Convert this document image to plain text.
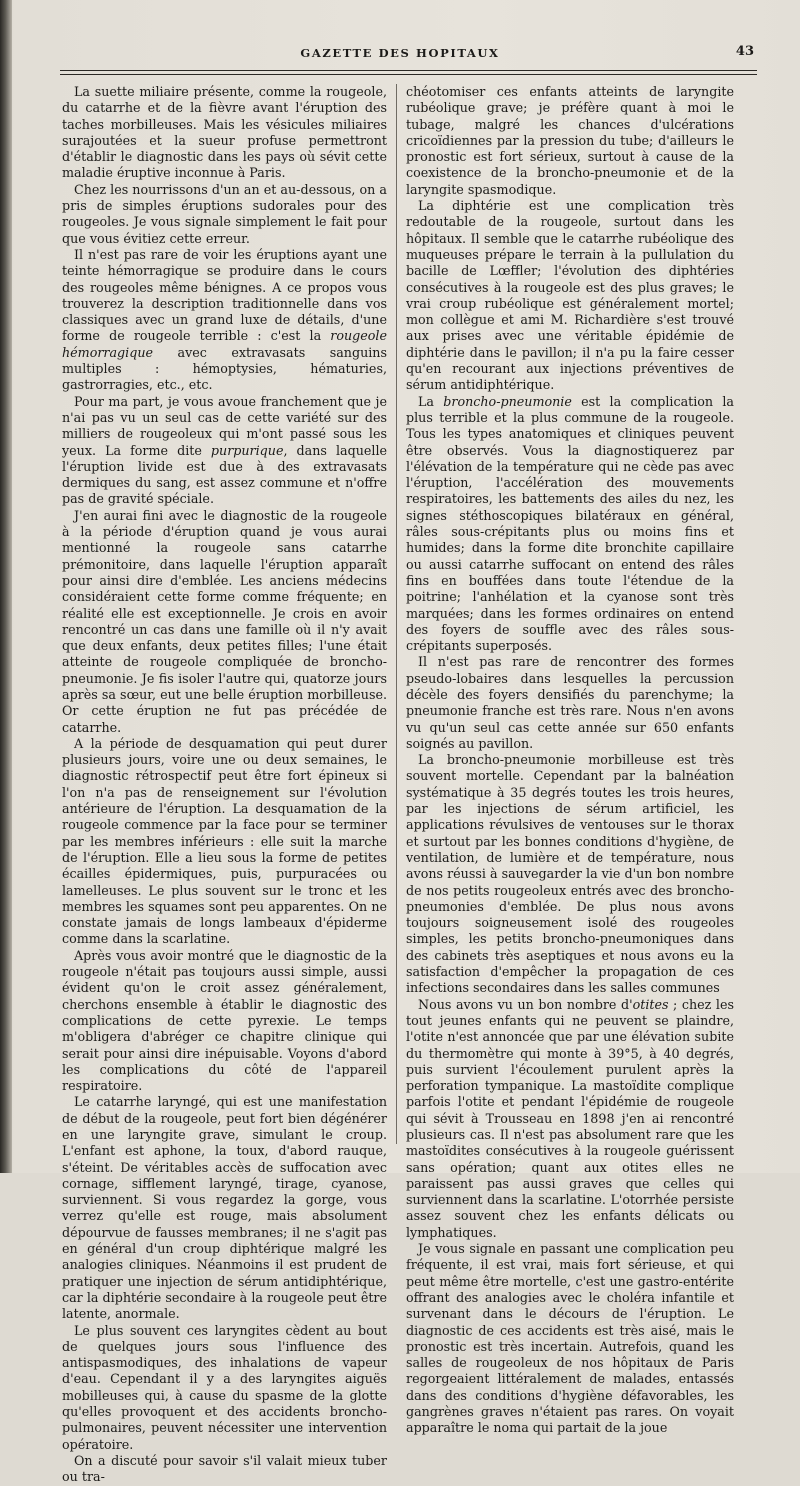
GAZETTE DES HOPITAUX	43

La suette miliaire présente, comme la rougeole, du catarrhe et de la fièvre avant l'éruption des taches morbilleuses. Mais les vésicules miliaires surajoutées et la sueur profuse permettront d'établir le diagnostic dans les pays où sévit cette maladie éruptive inconnue à Paris.

Chez les nourrissons d'un an et au-dessous, on a pris de simples éruptions sudorales pour des rougeoles. Je vous signale simplement le fait pour que vous évitiez cette erreur.

Il n'est pas rare de voir les éruptions ayant une teinte hémorragique se produire dans le cours des rougeoles même bénignes. A ce propos vous trouverez la description traditionnelle dans vos classiques avec un grand luxe de détails, d'une forme de rougeole terrible : c'est la rougeole hémorragique avec extravasats sanguins multiples : hémoptysies, hématuries, gastrorragies, etc., etc.

Pour ma part, je vous avoue franchement que je n'ai pas vu un seul cas de cette variété sur des milliers de rougeoleux qui m'ont passé sous les yeux. La forme dite purpurique, dans laquelle l'éruption livide est due à des extravasats dermiques du sang, est assez commune et n'offre pas de gravité spéciale.

J'en aurai fini avec le diagnostic de la rougeole à la période d'éruption quand je vous aurai mentionné la rougeole sans catarrhe prémonitoire, dans laquelle l'éruption apparaît pour ainsi dire d'emblée. Les anciens médecins considéraient cette forme comme fréquente; en réalité elle est exceptionnelle. Je crois en avoir rencontré un cas dans une famille où il n'y avait que deux enfants, deux petites filles; l'une était atteinte de rougeole compliquée de broncho-pneumonie. Je fis isoler l'autre qui, quatorze jours après sa sœur, eut une belle éruption morbilleuse. Or cette éruption ne fut pas précédée de catarrhe.

A la période de desquamation qui peut durer plusieurs jours, voire une ou deux semaines, le diagnostic rétrospectif peut être fort épineux si l'on n'a pas de renseignement sur l'évolution antérieure de l'éruption. La desquamation de la rougeole commence par la face pour se terminer par les membres inférieurs : elle suit la marche de l'éruption. Elle a lieu sous la forme de petites écailles épidermiques, puis, purpuracées ou lamelleuses. Le plus souvent sur le tronc et les membres les squames sont peu apparentes. On ne constate jamais de longs lambeaux d'épiderme comme dans la scarlatine.

Après vous avoir montré que le diagnostic de la rougeole n'était pas toujours aussi simple, aussi évident qu'on le croit assez généralement, cherchons ensemble à établir le diagnostic des complications de cette pyrexie. Le temps m'obligera d'abréger ce chapitre clinique qui serait pour ainsi dire inépuisable. Voyons d'abord les complications du côté de l'appareil respiratoire.

Le catarrhe laryngé, qui est une manifestation de début de la rougeole, peut fort bien dégénérer en une laryngite grave, simulant le croup. L'enfant est aphone, la toux, d'abord rauque, s'éteint. De véritables accès de suffocation avec cornage, sifflement laryngé, tirage, cyanose, surviennent. Si vous regardez la gorge, vous verrez qu'elle est rouge, mais absolument dépourvue de fausses membranes; il ne s'agit pas en général d'un croup diphtérique malgré les analogies cliniques. Néanmoins il est prudent de pratiquer une injection de sérum antidiphtérique, car la diphtérie secondaire à la rougeole peut être latente, anormale.

Le plus souvent ces laryngites cèdent au bout de quelques jours sous l'influence des antispasmodiques, des inhalations de vapeur d'eau. Cependant il y a des laryngites aiguës mobilleuses qui, à cause du spasme de la glotte qu'elles provoquent et des accidents broncho-pulmonaires, peuvent nécessiter une intervention opératoire.

On a discuté pour savoir s'il valait mieux tuber ou tra-

chéotomiser ces enfants atteints de laryngite rubéolique grave; je préfère quant à moi le tubage, malgré les chances d'ulcérations cricoïdiennes par la pression du tube; d'ailleurs le pronostic est fort sérieux, surtout à cause de la coexistence de la broncho-pneumonie et de la laryngite spasmodique.

La diphtérie est une complication très redoutable de la rougeole, surtout dans les hôpitaux. Il semble que le catarrhe rubéolique des muqueuses prépare le terrain à la pullulation du bacille de Lœffler; l'évolution des diphtéries consécutives à la rougeole est des plus graves; le vrai croup rubéolique est généralement mortel; mon collègue et ami M. Richardière s'est trouvé aux prises avec une véritable épidémie de diphtérie dans le pavillon; il n'a pu la faire cesser qu'en recourant aux injections préventives de sérum antidiphtérique.

La broncho-pneumonie est la complication la plus terrible et la plus commune de la rougeole. Tous les types anatomiques et cliniques peuvent être observés. Vous la diagnostiquerez par l'élévation de la température qui ne cède pas avec l'éruption, l'accélération des mouvements respiratoires, les battements des ailes du nez, les signes stéthoscopiques bilatéraux en général, râles sous-crépitants plus ou moins fins et humides; dans la forme dite bronchite capillaire ou aussi catarrhe suffocant on entend des râles fins en bouffées dans toute l'étendue de la poitrine; l'anhélation et la cyanose sont très marquées; dans les formes ordinaires on entend des foyers de souffle avec des râles sous-crépitants superposés.

Il n'est pas rare de rencontrer des formes pseudo-lobaires dans lesquelles la percussion décèle des foyers densifiés du parenchyme; la pneumonie franche est très rare. Nous n'en avons vu qu'un seul cas cette année sur 650 enfants soignés au pavillon.

La broncho-pneumonie morbilleuse est très souvent mortelle. Cependant par la balnéation systématique à 35 degrés toutes les trois heures, par les injections de sérum artificiel, les applications révulsives de ventouses sur le thorax et surtout par les bonnes conditions d'hygiène, de ventilation, de lumière et de température, nous avons réussi à sauvegarder la vie d'un bon nombre de nos petits rougeoleux entrés avec des broncho-pneumonies d'emblée. De plus nous avons toujours soigneusement isolé des rougeoles simples, les petits broncho-pneumoniques dans des cabinets très aseptiques et nous avons eu la satisfaction d'empêcher la propagation de ces infections secondaires dans les salles communes

Nous avons vu un bon nombre d'otites ; chez les tout jeunes enfants qui ne peuvent se plaindre, l'otite n'est annoncée que par une élévation subite du thermomètre qui monte à 39°5, à 40 degrés, puis survient l'écoulement purulent après la perforation tympanique. La mastoïdite complique parfois l'otite et pendant l'épidémie de rougeole qui sévit à Trousseau en 1898 j'en ai rencontré plusieurs cas. Il n'est pas absolument rare que les mastoïdites consécutives à la rougeole guérissent sans opération; quant aux otites elles ne paraissent pas aussi graves que celles qui surviennent dans la scarlatine. L'otorrhée persiste assez souvent chez les enfants délicats ou lymphatiques.

Je vous signale en passant une complication peu fréquente, il est vrai, mais fort sérieuse, et qui peut même être mortelle, c'est une gastro-entérite offrant des analogies avec le choléra infantile et survenant dans le décours de l'éruption. Le diagnostic de ces accidents est très aisé, mais le pronostic est très incertain. Autrefois, quand les salles de rougeoleux de nos hôpitaux de Paris regorgeaient littéralement de malades, entassés dans des conditions d'hygiène défavorables, les gangrènes graves n'étaient pas rares. On voyait apparaître le noma qui partait de la joue
